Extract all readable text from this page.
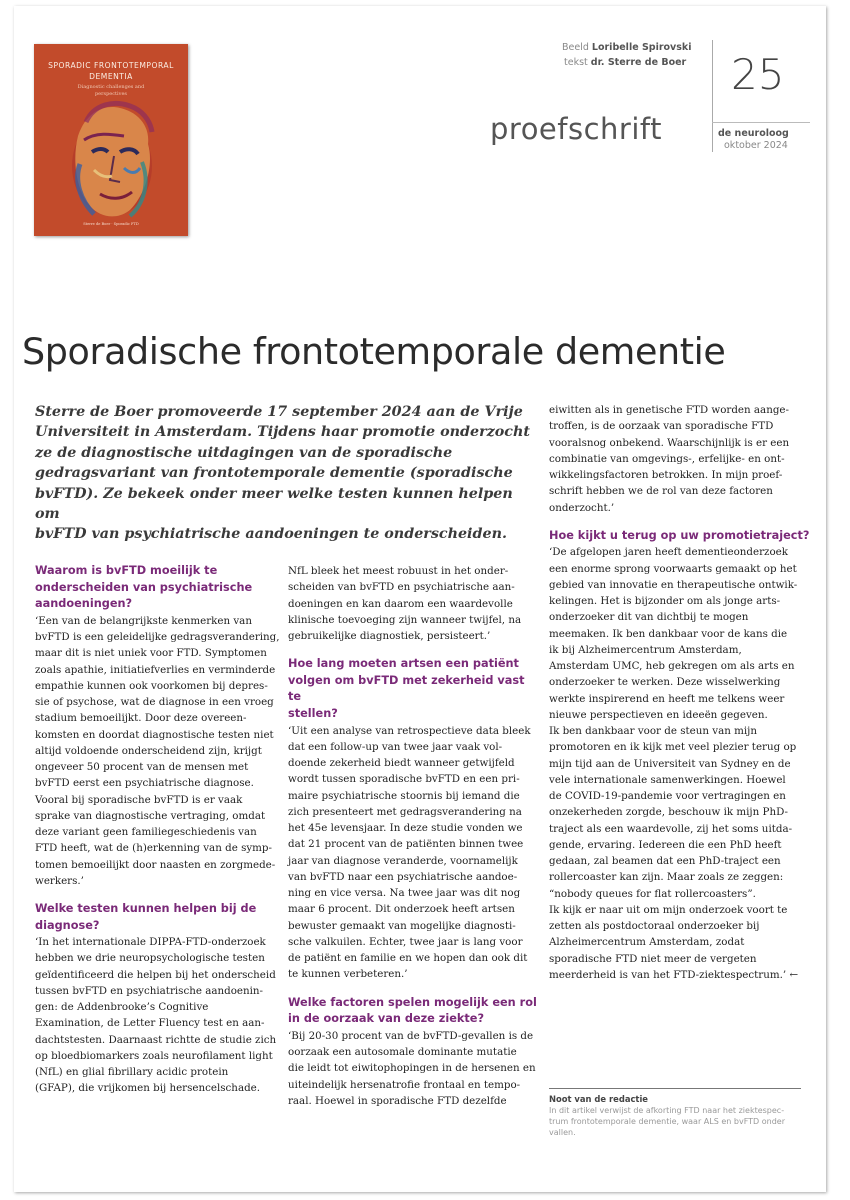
SPORADIC FRONTOTEMPORAL
DEMENTIA
Diagnostic challenges and
perspectives
Sterre de Boer · Sporadic FTD
Beeld Loribelle Spirovski
tekst dr. Sterre de Boer 25
de neuroloog
oktober 2024
proefschrift
Sporadische frontotemporale dementie
Sterre de Boer promoveerde 17 september 2024 aan de Vrije
Universiteit in Amsterdam. Tijdens haar promotie onderzocht
ze de diagnostische uitdagingen van de sporadische
gedragsvariant van frontotemporale dementie (sporadische
bvFTD). Ze bekeek onder meer welke testen kunnen helpen om
bvFTD van psychiatrische aandoeningen te onderscheiden.
Waarom is bvFTD moeilijk te
onderscheiden van psychiatrische
aandoeningen?

‘Een van de belangrijkste kenmerken van
bvFTD is een geleidelijke gedragsverandering,
maar dit is niet uniek voor FTD. Symptomen
zoals apathie, initiatiefverlies en verminderde
empathie kunnen ook voorkomen bij depres-
sie of psychose, wat de diagnose in een vroeg
stadium bemoeilijkt. Door deze overeen-
komsten en doordat diagnostische testen niet
altijd voldoende onderscheidend zijn, krijgt
ongeveer 50 procent van de mensen met
bvFTD eerst een psychiatrische diagnose.
Vooral bij sporadische bvFTD is er vaak
sprake van diagnostische vertraging, omdat
deze variant geen familiegeschiedenis van
FTD heeft, wat de (h)erkenning van de symp-
tomen bemoeilijkt door naasten en zorgmede-
werkers.’

Welke testen kunnen helpen bij de
diagnose?

‘In het internationale DIPPA-FTD-onderzoek
hebben we drie neuropsychologische testen
geïdentificeerd die helpen bij het onderscheid
tussen bvFTD en psychiatrische aandoenin-
gen: de Addenbrooke’s Cognitive
Examination, de Letter Fluency test en aan-
dachtstesten. Daarnaast richtte de studie zich
op bloedbiomarkers zoals neurofilament light
(NfL) en glial fibrillary acidic protein
(GFAP), die vrijkomen bij hersencelschade.

NfL bleek het meest robuust in het onder-
scheiden van bvFTD en psychiatrische aan-
doeningen en kan daarom een waardevolle
klinische toevoeging zijn wanneer twijfel, na
gebruikelijke diagnostiek, persisteert.’

Hoe lang moeten artsen een patiënt
volgen om bvFTD met zekerheid vast te
stellen?

‘Uit een analyse van retrospectieve data bleek
dat een follow-up van twee jaar vaak vol-
doende zekerheid biedt wanneer getwijfeld
wordt tussen sporadische bvFTD en een pri-
maire psychiatrische stoornis bij iemand die
zich presenteert met gedragsverandering na
het 45e levensjaar. In deze studie vonden we
dat 21 procent van de patiënten binnen twee
jaar van diagnose veranderde, voornamelijk
van bvFTD naar een psychiatrische aandoe-
ning en vice versa. Na twee jaar was dit nog
maar 6 procent. Dit onderzoek heeft artsen
bewuster gemaakt van mogelijke diagnosti-
sche valkuilen. Echter, twee jaar is lang voor
de patiënt en familie en we hopen dan ook dit
te kunnen verbeteren.’

Welke factoren spelen mogelijk een rol
in de oorzaak van deze ziekte?

‘Bij 20-30 procent van de bvFTD-gevallen is de
oorzaak een autosomale dominante mutatie
die leidt tot eiwitophopingen in de hersenen en
uiteindelijk hersenatrofie frontaal en tempo-
raal. Hoewel in sporadische FTD dezelfde

eiwitten als in genetische FTD worden aange-
troffen, is de oorzaak van sporadische FTD
vooralsnog onbekend. Waarschijnlijk is er een
combinatie van omgevings-, erfelijke- en ont-
wikkelingsfactoren betrokken. In mijn proef-
schrift hebben we de rol van deze factoren
onderzocht.’

Hoe kijkt u terug op uw promotietraject?

‘De afgelopen jaren heeft dementieonderzoek
een enorme sprong voorwaarts gemaakt op het
gebied van innovatie en therapeutische ontwik-
kelingen. Het is bijzonder om als jonge arts-
onderzoeker dit van dichtbij te mogen
meemaken. Ik ben dankbaar voor de kans die
ik bij Alzheimercentrum Amsterdam,
Amsterdam UMC, heb gekregen om als arts en
onderzoeker te werken. Deze wisselwerking
werkte inspirerend en heeft me telkens weer
nieuwe perspectieven en ideeën gegeven.
Ik ben dankbaar voor de steun van mijn
promotoren en ik kijk met veel plezier terug op
mijn tijd aan de Universiteit van Sydney en de
vele internationale samenwerkingen. Hoewel
de COVID-19-pandemie voor vertragingen en
onzekerheden zorgde, beschouw ik mijn PhD-
traject als een waardevolle, zij het soms uitda-
gende, ervaring. Iedereen die een PhD heeft
gedaan, zal beamen dat een PhD-traject een
rollercoaster kan zijn. Maar zoals ze zeggen:
“nobody queues for flat rollercoasters”.
Ik kijk er naar uit om mijn onderzoek voort te
zetten als postdoctoraal onderzoeker bij
Alzheimercentrum Amsterdam, zodat
sporadische FTD niet meer de vergeten
meerderheid is van het FTD-ziektespectrum.’ ←

Noot van de redactie

In dit artikel verwijst de afkorting FTD naar het ziektespec-
trum frontotemporale dementie, waar ALS en bvFTD onder
vallen.
